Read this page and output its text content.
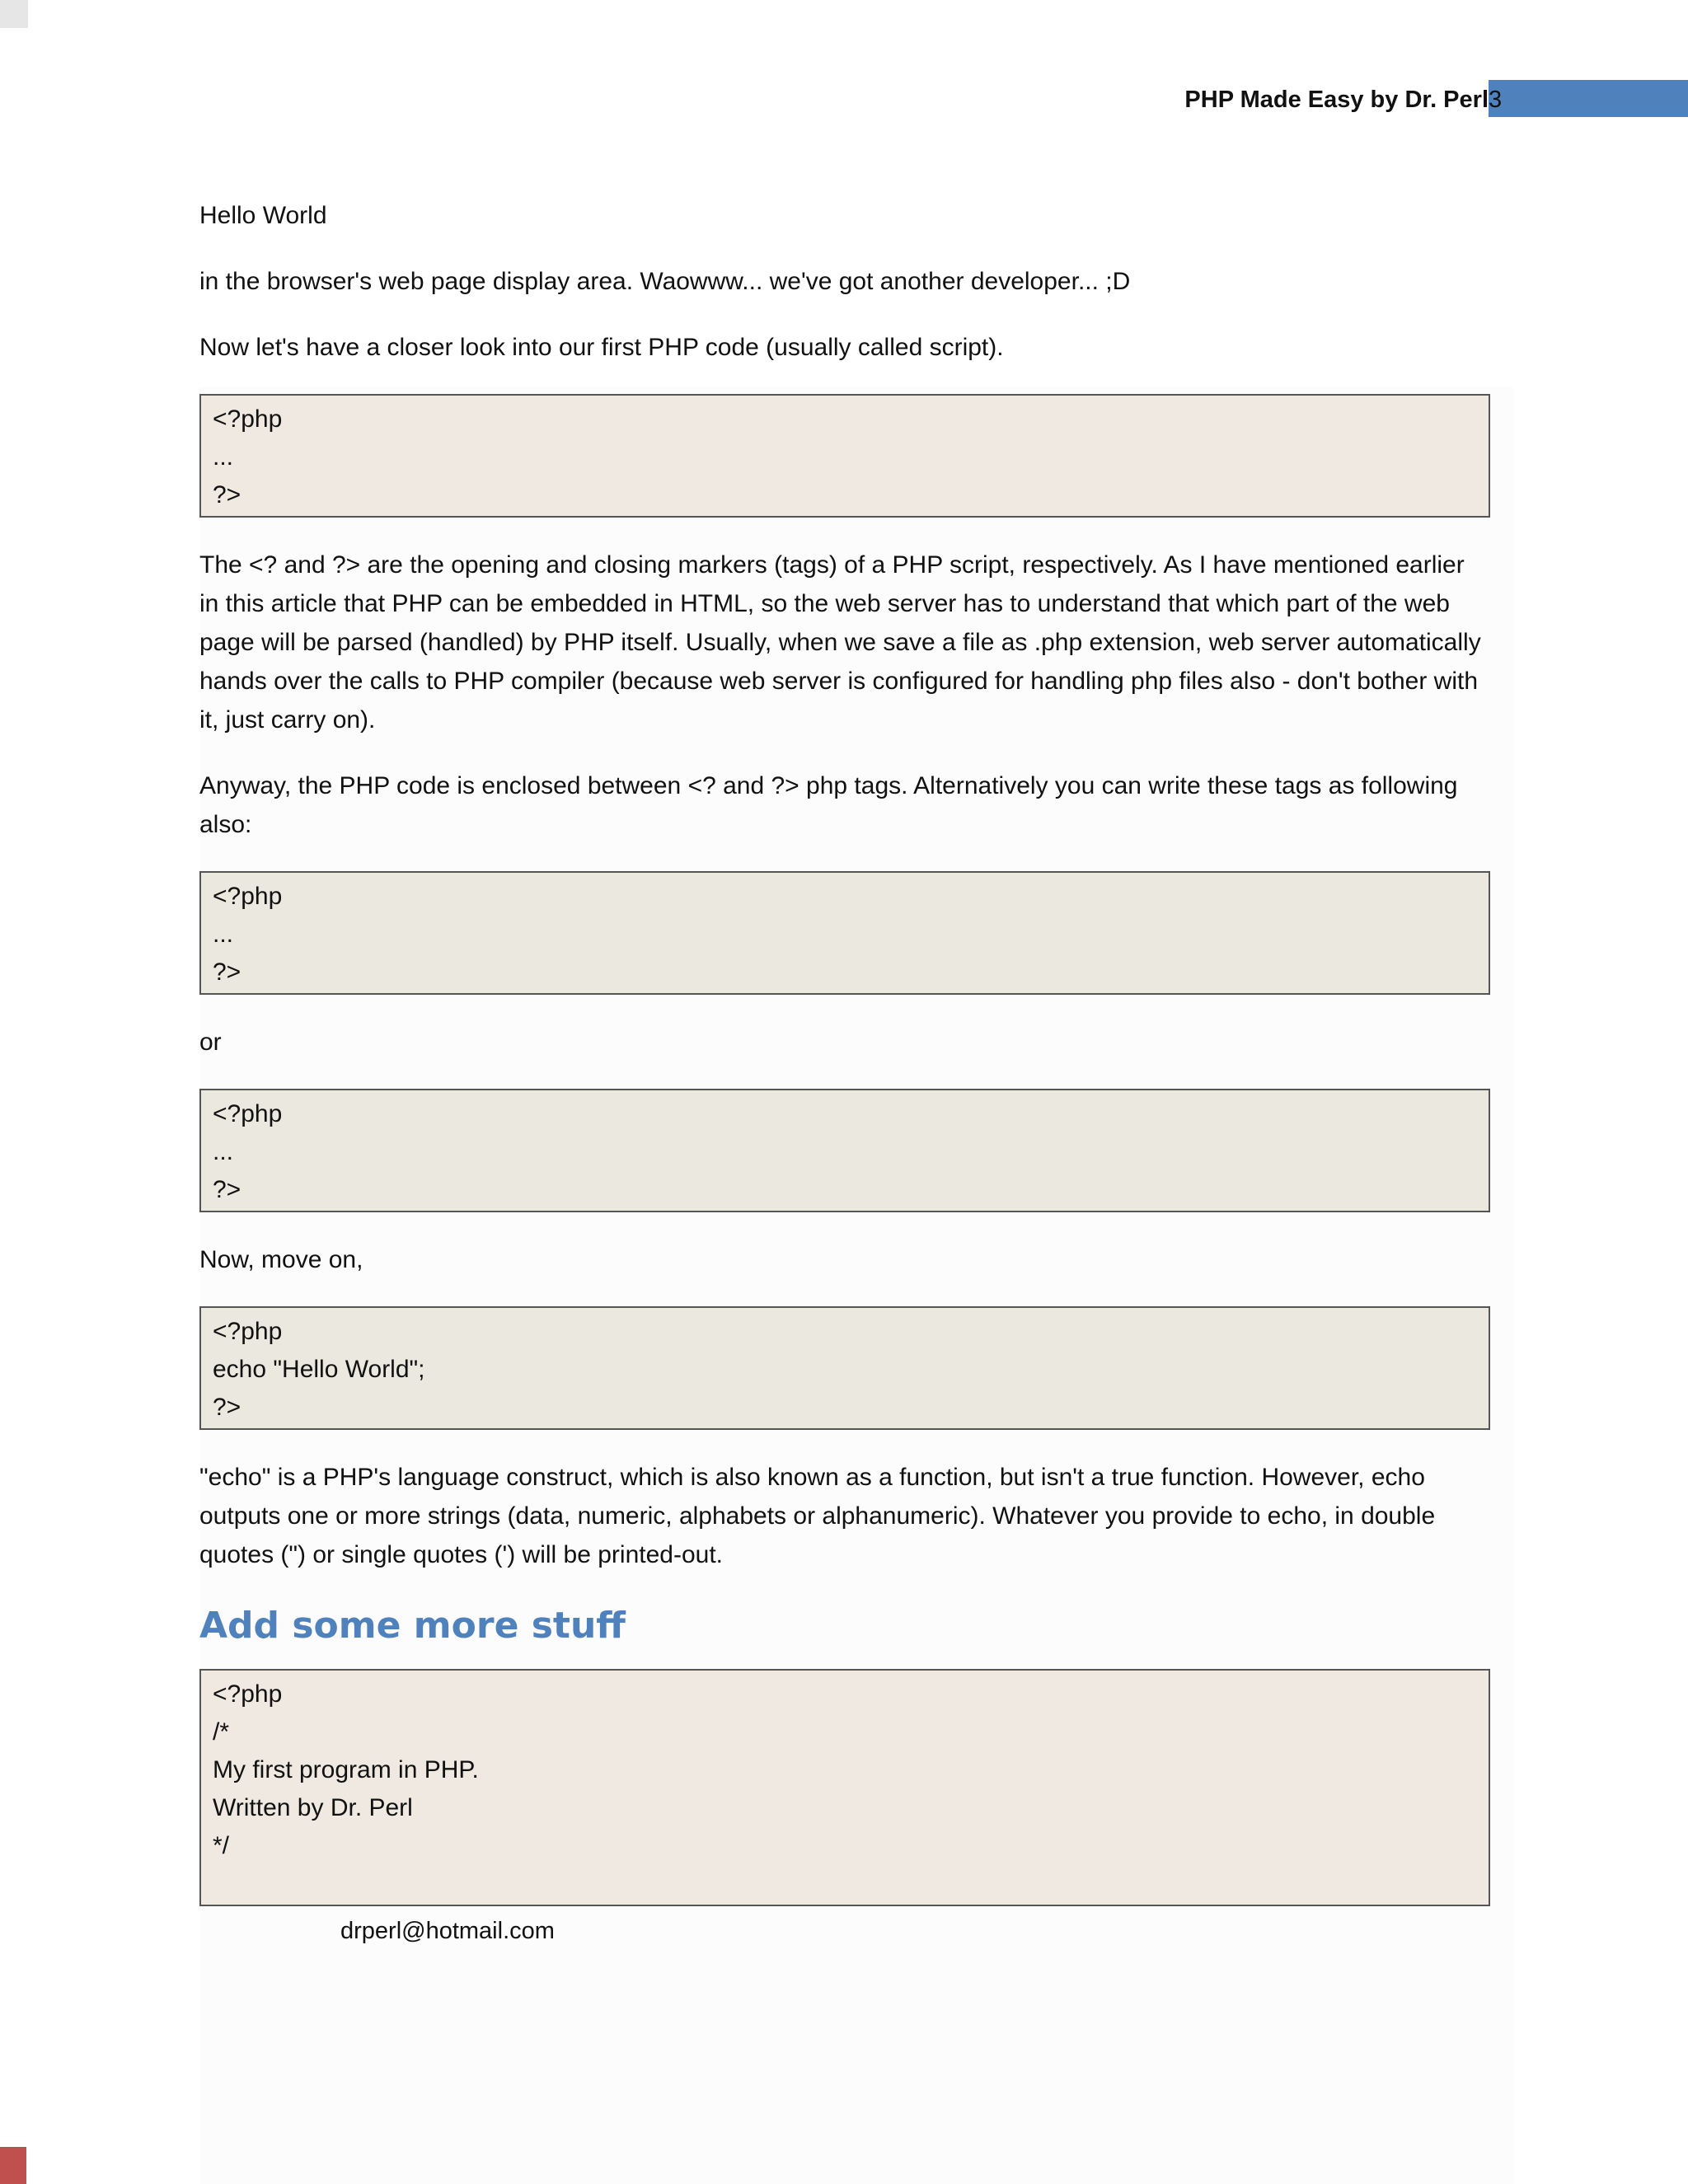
PHP Made Easy by Dr. Perl 3

Hello World

in the browser's web page display area. Waowww... we've got another developer... ;D

Now let's have a closer look into our first PHP code (usually called script).

<?php
...
?>

The <? and ?> are the opening and closing markers (tags) of a PHP script, respectively. As I have mentioned earlier in this article that PHP can be embedded in HTML, so the web server has to understand that which part of the web page will be parsed (handled) by PHP itself. Usually, when we save a file as .php extension, web server automatically hands over the calls to PHP compiler (because web server is configured for handling php files also - don't bother with it, just carry on).

Anyway, the PHP code is enclosed between <? and ?> php tags. Alternatively you can write these tags as following also:

<?php
...
?>

or

<?php
...
?>

Now, move on,

<?php
echo "Hello World";
?>

"echo" is a PHP's language construct, which is also known as a function, but isn't a true function. However, echo outputs one or more strings (data, numeric, alphabets or alphanumeric). Whatever you provide to echo, in double quotes (") or single quotes (') will be printed-out.

Add some more stuff
<?php
/*
My first program in PHP.
Written by Dr. Perl
*/
drperl@hotmail.com
